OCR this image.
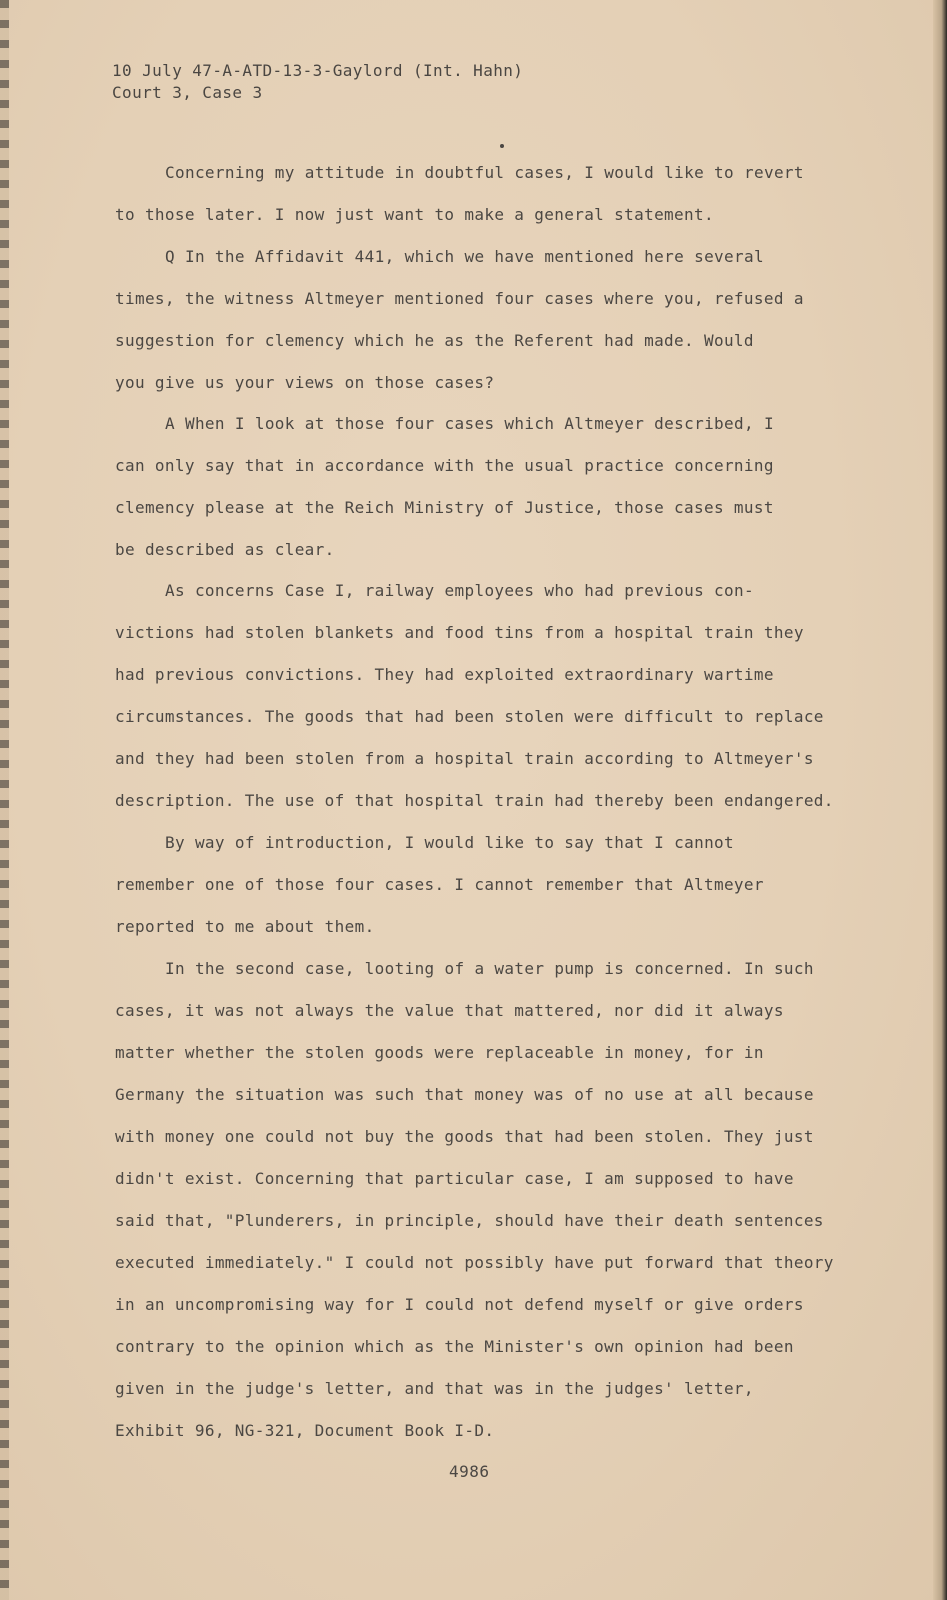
10 July 47-A-ATD-13-3-Gaylord (Int. Hahn)
Court 3, Case 3
Concerning my attitude in doubtful cases, I would like to revert
to those later. I now just want to make a general statement.
Q In the Affidavit 441, which we have mentioned here several
times, the witness Altmeyer mentioned four cases where you, refused a
suggestion for clemency which he as the Referent had made. Would
you give us your views on those cases?
A When I look at those four cases which Altmeyer described, I
can only say that in accordance with the usual practice concerning
clemency please at the Reich Ministry of Justice, those cases must
be described as clear.
As concerns Case I, railway employees who had previous con-
victions had stolen blankets and food tins from a hospital train they
had previous convictions. They had exploited extraordinary wartime
circumstances. The goods that had been stolen were difficult to replace
and they had been stolen from a hospital train according to Altmeyer's
description. The use of that hospital train had thereby been endangered.
By way of introduction, I would like to say that I cannot
remember one of those four cases. I cannot remember that Altmeyer
reported to me about them.
In the second case, looting of a water pump is concerned. In such
cases, it was not always the value that mattered, nor did it always
matter whether the stolen goods were replaceable in money, for in
Germany the situation was such that money was of no use at all because
with money one could not buy the goods that had been stolen. They just
didn't exist. Concerning that particular case, I am supposed to have
said that, "Plunderers, in principle, should have their death sentences
executed immediately." I could not possibly have put forward that theory
in an uncompromising way for I could not defend myself or give orders
contrary to the opinion which as the Minister's own opinion had been
given in the judge's letter, and that was in the judges' letter,
Exhibit 96, NG-321, Document Book I-D.
4986
